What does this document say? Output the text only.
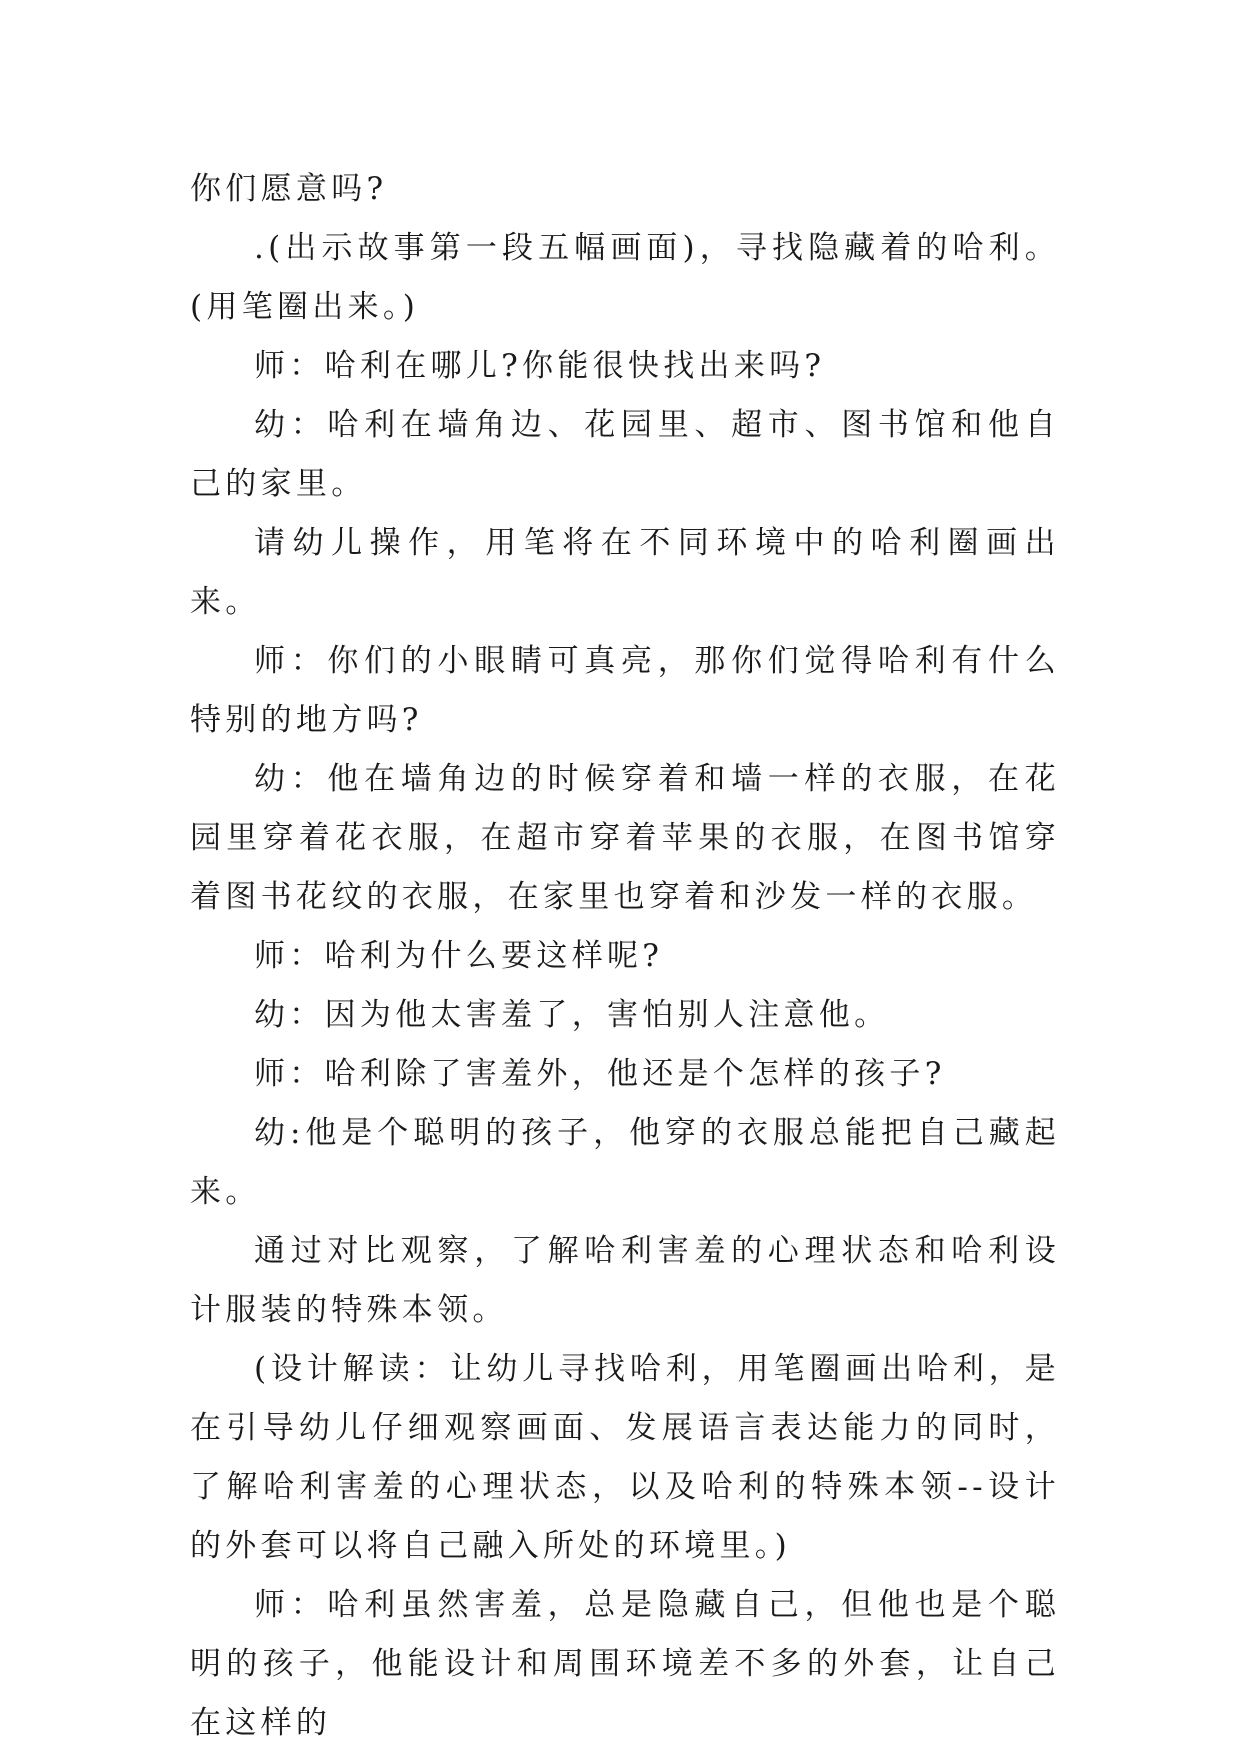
你们愿意吗?

.(出示故事第一段五幅画面)，寻找隐藏着的哈利。(用笔圈出来。)

师：哈利在哪儿?你能很快找出来吗?

幼：哈利在墙角边、花园里、超市、图书馆和他自己的家里。

请幼儿操作，用笔将在不同环境中的哈利圈画出来。

师：你们的小眼睛可真亮，那你们觉得哈利有什么特别的地方吗?

幼：他在墙角边的时候穿着和墙一样的衣服，在花园里穿着花衣服，在超市穿着苹果的衣服，在图书馆穿着图书花纹的衣服，在家里也穿着和沙发一样的衣服。

师：哈利为什么要这样呢?

幼：因为他太害羞了，害怕别人注意他。

师：哈利除了害羞外，他还是个怎样的孩子?

幼:他是个聪明的孩子，他穿的衣服总能把自己藏起来。

通过对比观察，了解哈利害羞的心理状态和哈利设计服装的特殊本领。

(设计解读：让幼儿寻找哈利，用笔圈画出哈利，是在引导幼儿仔细观察画面、发展语言表达能力的同时，了解哈利害羞的心理状态，以及哈利的特殊本领--设计的外套可以将自己融入所处的环境里。)

师：哈利虽然害羞，总是隐藏自己，但他也是个聪明的孩子，他能设计和周围环境差不多的外套，让自己在这样的
